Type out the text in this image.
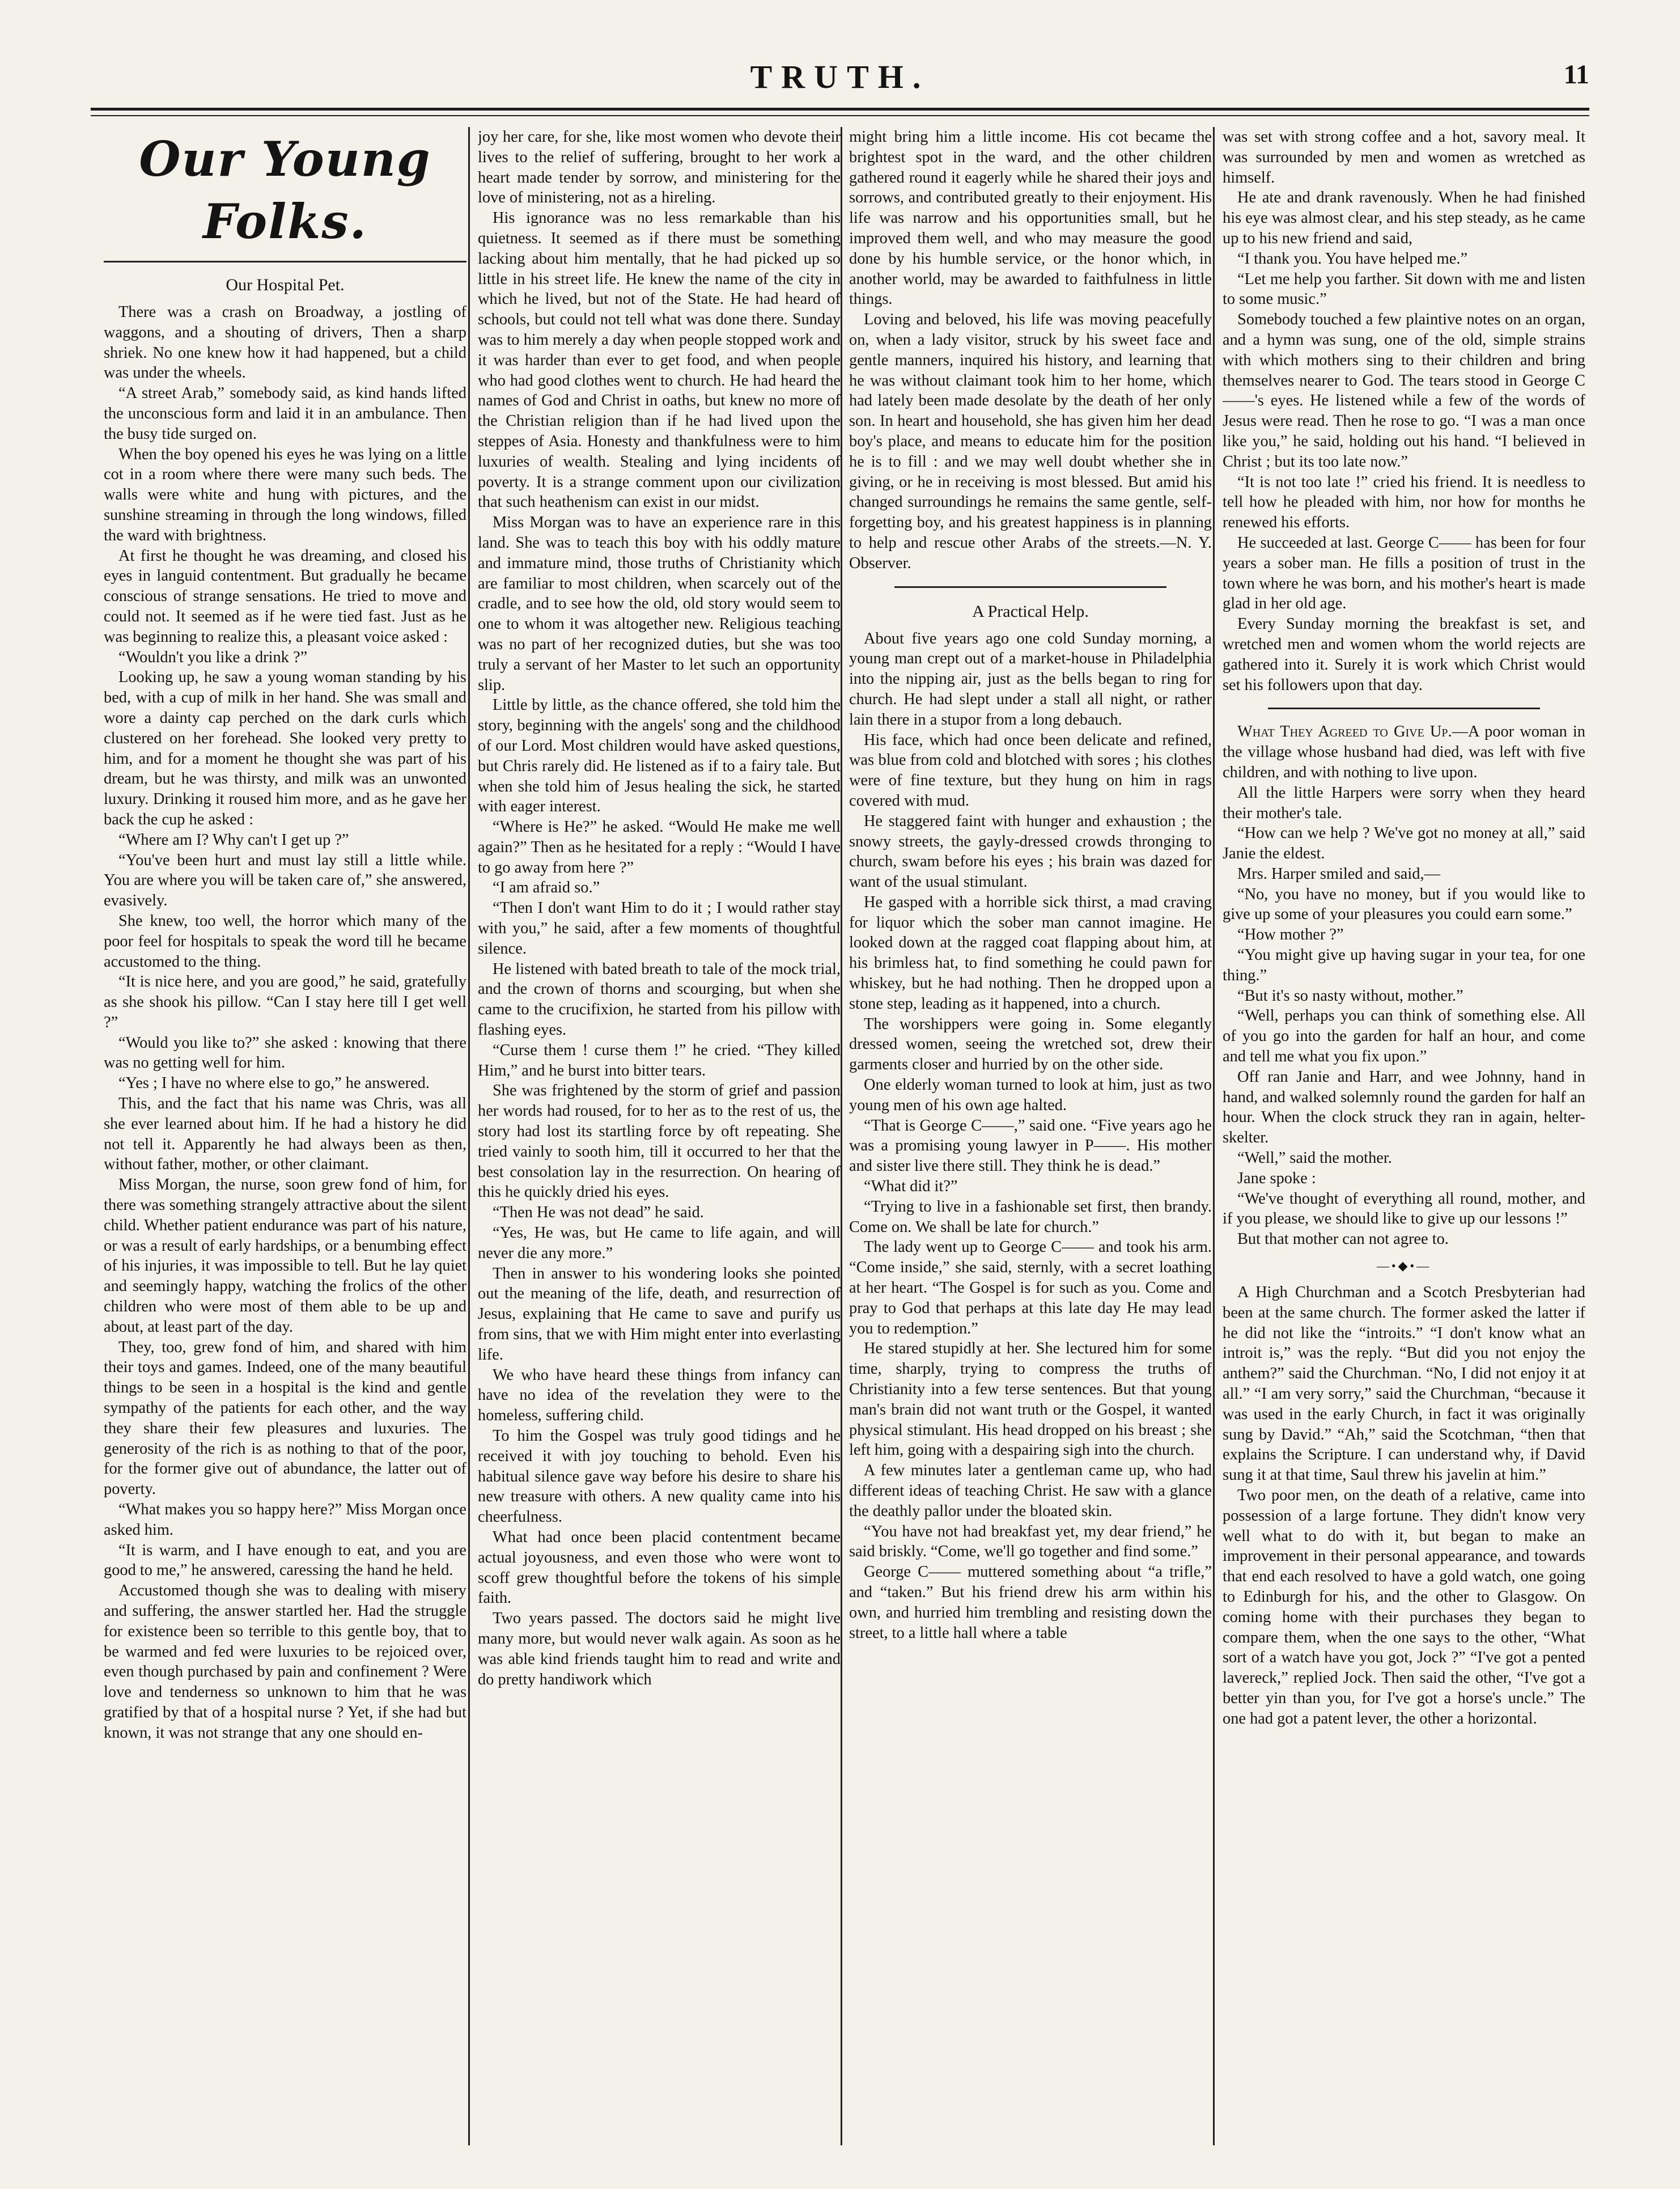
TRUTH.	11
Our Young Folks.
Our Hospital Pet.

There was a crash on Broadway, a jostling of waggons, and a shouting of drivers, Then a sharp shriek. No one knew how it had happened, but a child was under the wheels.

“A street Arab,” somebody said, as kind hands lifted the unconscious form and laid it in an ambulance. Then the busy tide surged on.

When the boy opened his eyes he was lying on a little cot in a room where there were many such beds. The walls were white and hung with pictures, and the sunshine streaming in through the long windows, filled the ward with brightness.

At first he thought he was dreaming, and closed his eyes in languid contentment. But gradually he became conscious of strange sensations. He tried to move and could not. It seemed as if he were tied fast. Just as he was beginning to realize this, a pleasant voice asked :

“Wouldn't you like a drink ?”

Looking up, he saw a young woman standing by his bed, with a cup of milk in her hand. She was small and wore a dainty cap perched on the dark curls which clustered on her forehead. She looked very pretty to him, and for a moment he thought she was part of his dream, but he was thirsty, and milk was an unwonted luxury. Drinking it roused him more, and as he gave her back the cup he asked :

“Where am I? Why can't I get up ?”

“You've been hurt and must lay still a little while. You are where you will be taken care of,” she answered, evasively.

She knew, too well, the horror which many of the poor feel for hospitals to speak the word till he became accustomed to the thing.

“It is nice here, and you are good,” he said, gratefully as she shook his pillow. “Can I stay here till I get well ?”

“Would you like to?” she asked : knowing that there was no getting well for him.

“Yes ; I have no where else to go,” he answered.

This, and the fact that his name was Chris, was all she ever learned about him. If he had a history he did not tell it. Apparently he had always been as then, without father, mother, or other claimant.

Miss Morgan, the nurse, soon grew fond of him, for there was something strangely attractive about the silent child. Whether patient endurance was part of his nature, or was a result of early hardships, or a benumbing effect of his injuries, it was impossible to tell. But he lay quiet and seemingly happy, watching the frolics of the other children who were most of them able to be up and about, at least part of the day.

They, too, grew fond of him, and shared with him their toys and games. Indeed, one of the many beautiful things to be seen in a hospital is the kind and gentle sympathy of the patients for each other, and the way they share their few pleasures and luxuries. The generosity of the rich is as nothing to that of the poor, for the former give out of abundance, the latter out of poverty.

“What makes you so happy here?” Miss Morgan once asked him.

“It is warm, and I have enough to eat, and you are good to me,” he answered, caressing the hand he held.

Accustomed though she was to dealing with misery and suffering, the answer startled her. Had the struggle for existence been so terrible to this gentle boy, that to be warmed and fed were luxuries to be rejoiced over, even though purchased by pain and confinement ? Were love and tenderness so unknown to him that he was gratified by that of a hospital nurse ? Yet, if she had but known, it was not strange that any one should en-

joy her care, for she, like most women who devote their lives to the relief of suffering, brought to her work a heart made tender by sorrow, and ministering for the love of ministering, not as a hireling.

His ignorance was no less remarkable than his quietness. It seemed as if there must be something lacking about him mentally, that he had picked up so little in his street life. He knew the name of the city in which he lived, but not of the State. He had heard of schools, but could not tell what was done there. Sunday was to him merely a day when people stopped work and it was harder than ever to get food, and when people who had good clothes went to church. He had heard the names of God and Christ in oaths, but knew no more of the Christian religion than if he had lived upon the steppes of Asia. Honesty and thankfulness were to him luxuries of wealth. Stealing and lying incidents of poverty. It is a strange comment upon our civilization that such heathenism can exist in our midst.

Miss Morgan was to have an experience rare in this land. She was to teach this boy with his oddly mature and immature mind, those truths of Christianity which are familiar to most children, when scarcely out of the cradle, and to see how the old, old story would seem to one to whom it was altogether new. Religious teaching was no part of her recognized duties, but she was too truly a servant of her Master to let such an opportunity slip.

Little by little, as the chance offered, she told him the story, beginning with the angels' song and the childhood of our Lord. Most children would have asked questions, but Chris rarely did. He listened as if to a fairy tale. But when she told him of Jesus healing the sick, he started with eager interest.

“Where is He?” he asked. “Would He make me well again?” Then as he hesitated for a reply : “Would I have to go away from here ?”

“I am afraid so.”

“Then I don't want Him to do it ; I would rather stay with you,” he said, after a few moments of thoughtful silence.

He listened with bated breath to tale of the mock trial, and the crown of thorns and scourging, but when she came to the crucifixion, he started from his pillow with flashing eyes.

“Curse them ! curse them !” he cried. “They killed Him,” and he burst into bitter tears.

She was frightened by the storm of grief and passion her words had roused, for to her as to the rest of us, the story had lost its startling force by oft repeating. She tried vainly to sooth him, till it occurred to her that the best consolation lay in the resurrection. On hearing of this he quickly dried his eyes.

“Then He was not dead” he said.

“Yes, He was, but He came to life again, and will never die any more.”

Then in answer to his wondering looks she pointed out the meaning of the life, death, and resurrection of Jesus, explaining that He came to save and purify us from sins, that we with Him might enter into everlasting life.

We who have heard these things from infancy can have no idea of the revelation they were to the homeless, suffering child.

To him the Gospel was truly good tidings and he received it with joy touching to behold. Even his habitual silence gave way before his desire to share his new treasure with others. A new quality came into his cheerfulness.

What had once been placid contentment became actual joyousness, and even those who were wont to scoff grew thoughtful before the tokens of his simple faith.

Two years passed. The doctors said he might live many more, but would never walk again. As soon as he was able kind friends taught him to read and write and do pretty handiwork which

might bring him a little income. His cot became the brightest spot in the ward, and the other children gathered round it eagerly while he shared their joys and sorrows, and contributed greatly to their enjoyment. His life was narrow and his opportunities small, but he improved them well, and who may measure the good done by his humble service, or the honor which, in another world, may be awarded to faithfulness in little things.

Loving and beloved, his life was moving peacefully on, when a lady visitor, struck by his sweet face and gentle manners, inquired his history, and learning that he was without claimant took him to her home, which had lately been made desolate by the death of her only son. In heart and household, she has given him her dead boy's place, and means to educate him for the position he is to fill : and we may well doubt whether she in giving, or he in receiving is most blessed. But amid his changed surroundings he remains the same gentle, self-forgetting boy, and his greatest happiness is in planning to help and rescue other Arabs of the streets.—N. Y. Observer.

A Practical Help.

About five years ago one cold Sunday morning, a young man crept out of a market-house in Philadelphia into the nipping air, just as the bells began to ring for church. He had slept under a stall all night, or rather lain there in a stupor from a long debauch.

His face, which had once been delicate and refined, was blue from cold and blotched with sores ; his clothes were of fine texture, but they hung on him in rags covered with mud.

He staggered faint with hunger and exhaustion ; the snowy streets, the gayly-dressed crowds thronging to church, swam before his eyes ; his brain was dazed for want of the usual stimulant.

He gasped with a horrible sick thirst, a mad craving for liquor which the sober man cannot imagine. He looked down at the ragged coat flapping about him, at his brimless hat, to find something he could pawn for whiskey, but he had nothing. Then he dropped upon a stone step, leading as it happened, into a church.

The worshippers were going in. Some elegantly dressed women, seeing the wretched sot, drew their garments closer and hurried by on the other side.

One elderly woman turned to look at him, just as two young men of his own age halted.

“That is George C——,” said one. “Five years ago he was a promising young lawyer in P——. His mother and sister live there still. They think he is dead.”

“What did it?”

“Trying to live in a fashionable set first, then brandy. Come on. We shall be late for church.”

The lady went up to George C—— and took his arm. “Come inside,” she said, sternly, with a secret loathing at her heart. “The Gospel is for such as you. Come and pray to God that perhaps at this late day He may lead you to redemption.”

He stared stupidly at her. She lectured him for some time, sharply, trying to compress the truths of Christianity into a few terse sentences. But that young man's brain did not want truth or the Gospel, it wanted physical stimulant. His head dropped on his breast ; she left him, going with a despairing sigh into the church.

A few minutes later a gentleman came up, who had different ideas of teaching Christ. He saw with a glance the deathly pallor under the bloated skin.

“You have not had breakfast yet, my dear friend,” he said briskly. “Come, we'll go together and find some.”

George C—— muttered something about “a trifle,” and “taken.” But his friend drew his arm within his own, and hurried him trembling and resisting down the street, to a little hall where a table

was set with strong coffee and a hot, savory meal. It was surrounded by men and women as wretched as himself.

He ate and drank ravenously. When he had finished his eye was almost clear, and his step steady, as he came up to his new friend and said,

“I thank you. You have helped me.”

“Let me help you farther. Sit down with me and listen to some music.”

Somebody touched a few plaintive notes on an organ, and a hymn was sung, one of the old, simple strains with which mothers sing to their children and bring themselves nearer to God. The tears stood in George C——'s eyes. He listened while a few of the words of Jesus were read. Then he rose to go. “I was a man once like you,” he said, holding out his hand. “I believed in Christ ; but its too late now.”

“It is not too late !” cried his friend. It is needless to tell how he pleaded with him, nor how for months he renewed his efforts.

He succeeded at last. George C—— has been for four years a sober man. He fills a position of trust in the town where he was born, and his mother's heart is made glad in her old age.

Every Sunday morning the breakfast is set, and wretched men and women whom the world rejects are gathered into it. Surely it is work which Christ would set his followers upon that day.

What They Agreed to Give Up.—A poor woman in the village whose husband had died, was left with five children, and with nothing to live upon.

All the little Harpers were sorry when they heard their mother's tale.

“How can we help ? We've got no money at all,” said Janie the eldest.

Mrs. Harper smiled and said,—

“No, you have no money, but if you would like to give up some of your pleasures you could earn some.”

“How mother ?”

“You might give up having sugar in your tea, for one thing.”

“But it's so nasty without, mother.”

“Well, perhaps you can think of something else. All of you go into the garden for half an hour, and come and tell me what you fix upon.”

Off ran Janie and Harr, and wee Johnny, hand in hand, and walked solemnly round the garden for half an hour. When the clock struck they ran in again, helter-skelter.

“Well,” said the mother.

Jane spoke :

“We've thought of everything all round, mother, and if you please, we should like to give up our lessons !”

But that mother can not agree to.

—•◆•—

A High Churchman and a Scotch Presbyterian had been at the same church. The former asked the latter if he did not like the “introits.” “I don't know what an introit is,” was the reply. “But did you not enjoy the anthem?” said the Churchman. “No, I did not enjoy it at all.” “I am very sorry,” said the Churchman, “because it was used in the early Church, in fact it was originally sung by David.” “Ah,” said the Scotchman, “then that explains the Scripture. I can understand why, if David sung it at that time, Saul threw his javelin at him.”

Two poor men, on the death of a relative, came into possession of a large fortune. They didn't know very well what to do with it, but began to make an improvement in their personal appearance, and towards that end each resolved to have a gold watch, one going to Edinburgh for his, and the other to Glasgow. On coming home with their purchases they began to compare them, when the one says to the other, “What sort of a watch have you got, Jock ?” “I've got a pented lavereck,” replied Jock. Then said the other, “I've got a better yin than you, for I've got a horse's uncle.” The one had got a patent lever, the other a horizontal.
